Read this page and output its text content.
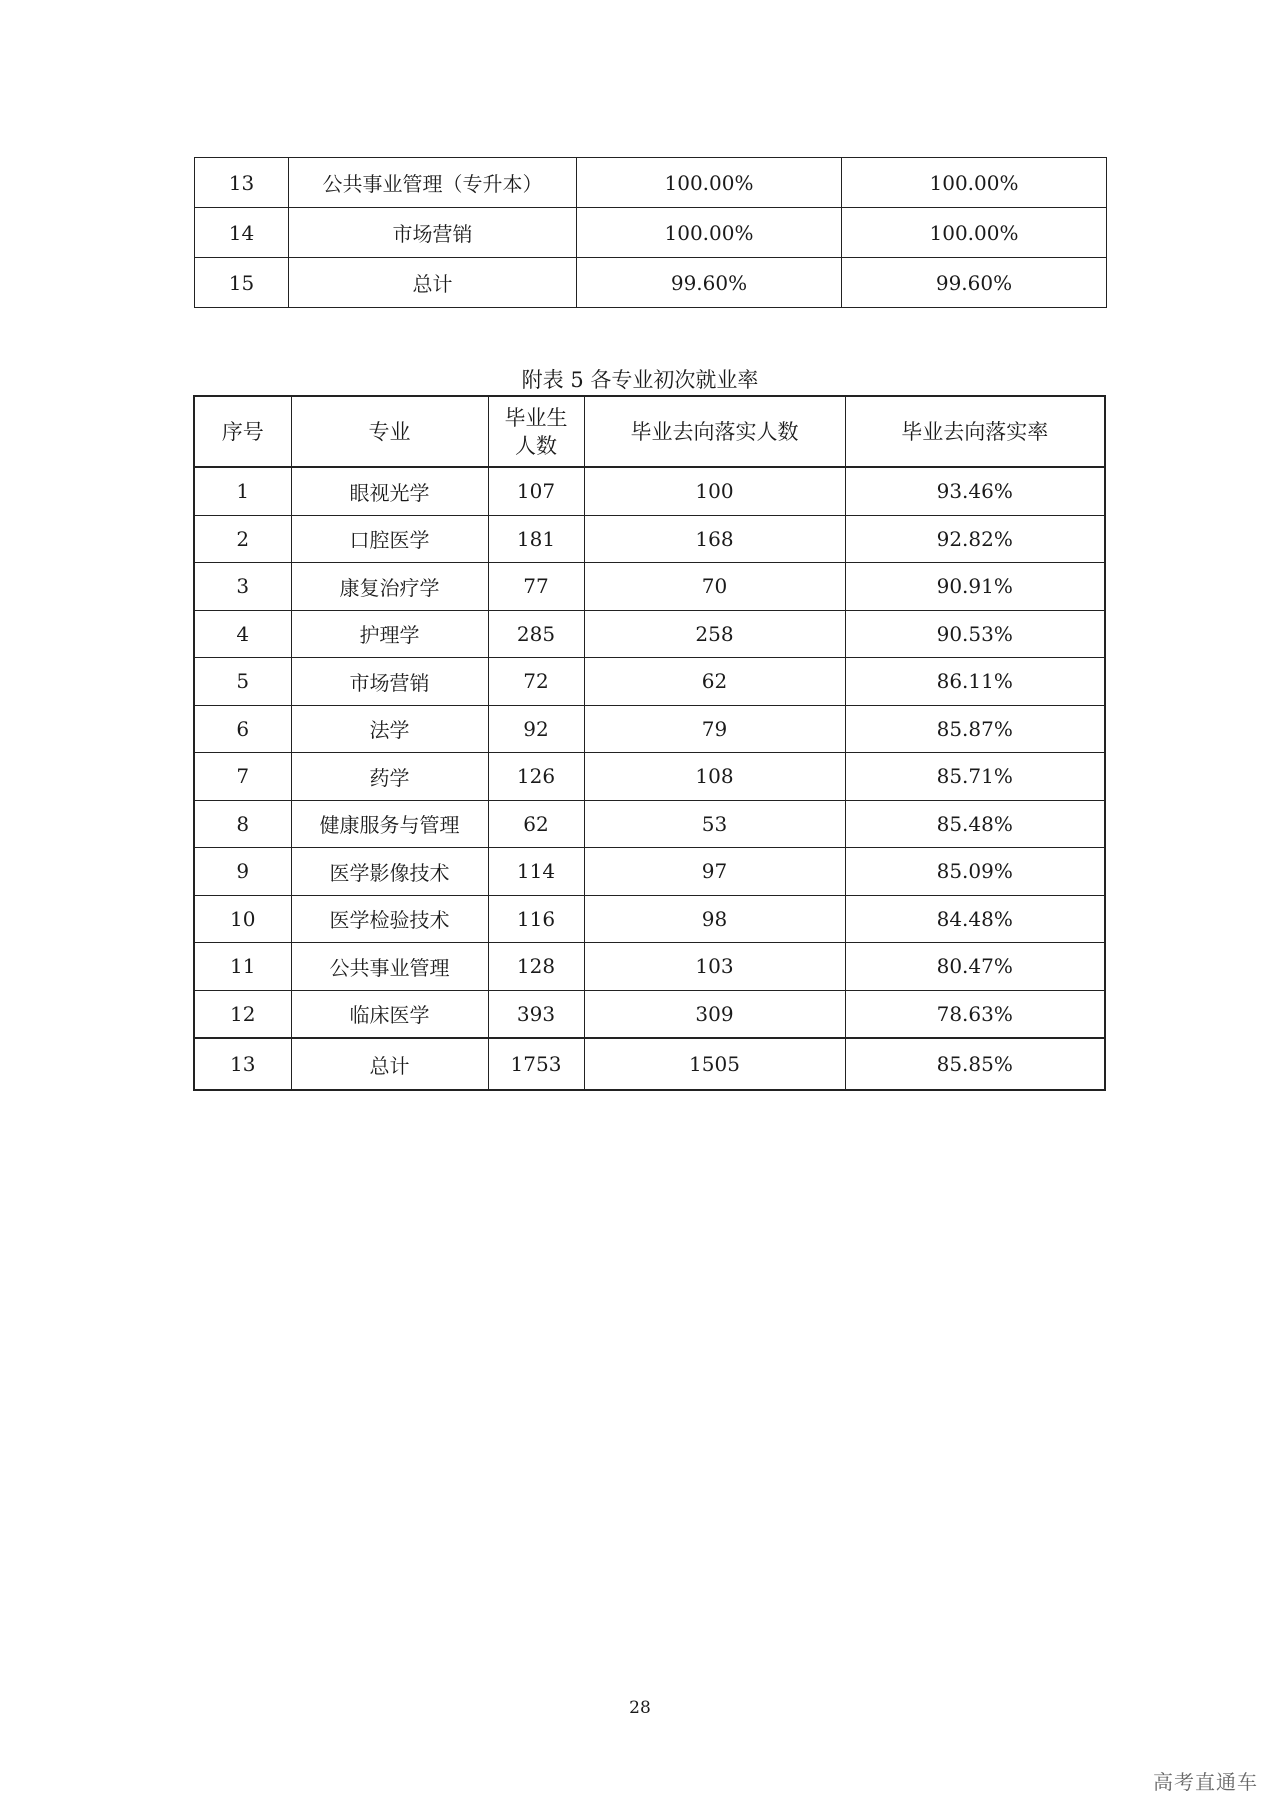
13	公共事业管理（专升本）	100.00%	100.00%
14	市场营销	100.00%	100.00%
15	总计	99.60%	99.60%
附表 5 各专业初次就业率
序号	专业	毕业生人数	毕业去向落实人数	毕业去向落实率
1	眼视光学	107	100	93.46%
2	口腔医学	181	168	92.82%
3	康复治疗学	77	70	90.91%
4	护理学	285	258	90.53%
5	市场营销	72	62	86.11%
6	法学	92	79	85.87%
7	药学	126	108	85.71%
8	健康服务与管理	62	53	85.48%
9	医学影像技术	114	97	85.09%
10	医学检验技术	116	98	84.48%
11	公共事业管理	128	103	80.47%
12	临床医学	393	309	78.63%
13	总计	1753	1505	85.85%
28
高考直通车
